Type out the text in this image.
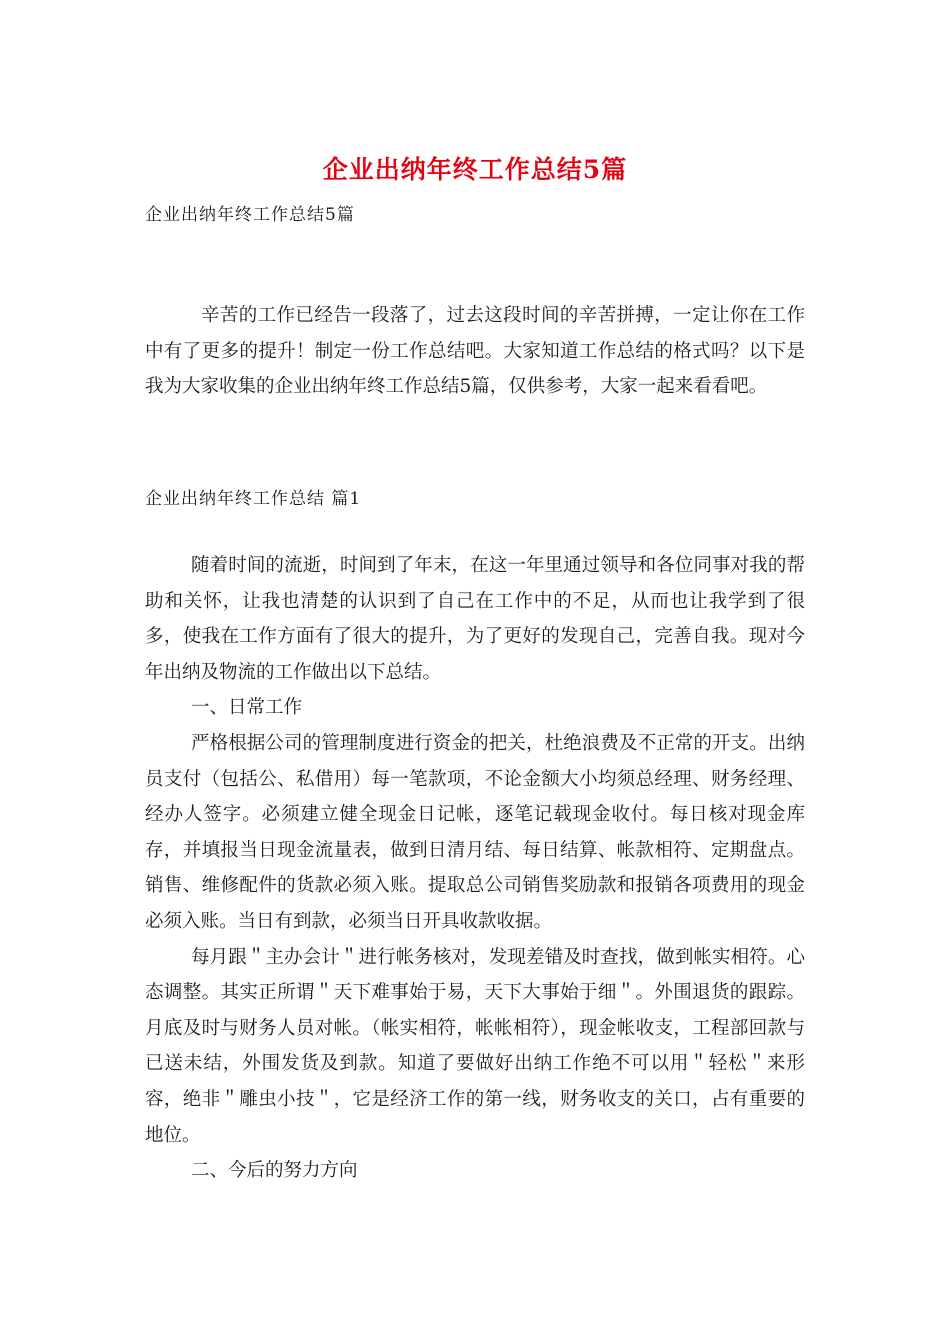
企业出纳年终工作总结5篇
企业出纳年终工作总结5篇

辛苦的工作已经告一段落了，过去这段时间的辛苦拼搏，一定让你在工作中有了更多的提升！制定一份工作总结吧。大家知道工作总结的格式吗？以下是我为大家收集的企业出纳年终工作总结5篇，仅供参考，大家一起来看看吧。

企业出纳年终工作总结 篇1

随着时间的流逝，时间到了年末，在这一年里通过领导和各位同事对我的帮助和关怀，让我也清楚的认识到了自己在工作中的不足，从而也让我学到了很多，使我在工作方面有了很大的提升，为了更好的发现自己，完善自我。现对今年出纳及物流的工作做出以下总结。

一、日常工作

严格根据公司的管理制度进行资金的把关，杜绝浪费及不正常的开支。出纳员支付（包括公、私借用）每一笔款项，不论金额大小均须总经理、财务经理、经办人签字。必须建立健全现金日记帐，逐笔记载现金收付。每日核对现金库存，并填报当日现金流量表，做到日清月结、每日结算、帐款相符、定期盘点。销售、维修配件的货款必须入账。提取总公司销售奖励款和报销各项费用的现金必须入账。当日有到款，必须当日开具收款收据。

每月跟＂主办会计＂进行帐务核对，发现差错及时查找，做到帐实相符。心态调整。其实正所谓＂天下难事始于易，天下大事始于细＂。外围退货的跟踪。月底及时与财务人员对帐。（帐实相符，帐帐相符），现金帐收支，工程部回款与已送未结，外围发货及到款。知道了要做好出纳工作绝不可以用＂轻松＂来形容，绝非＂雕虫小技＂，它是经济工作的第一线，财务收支的关口，占有重要的地位。

二、今后的努力方向
